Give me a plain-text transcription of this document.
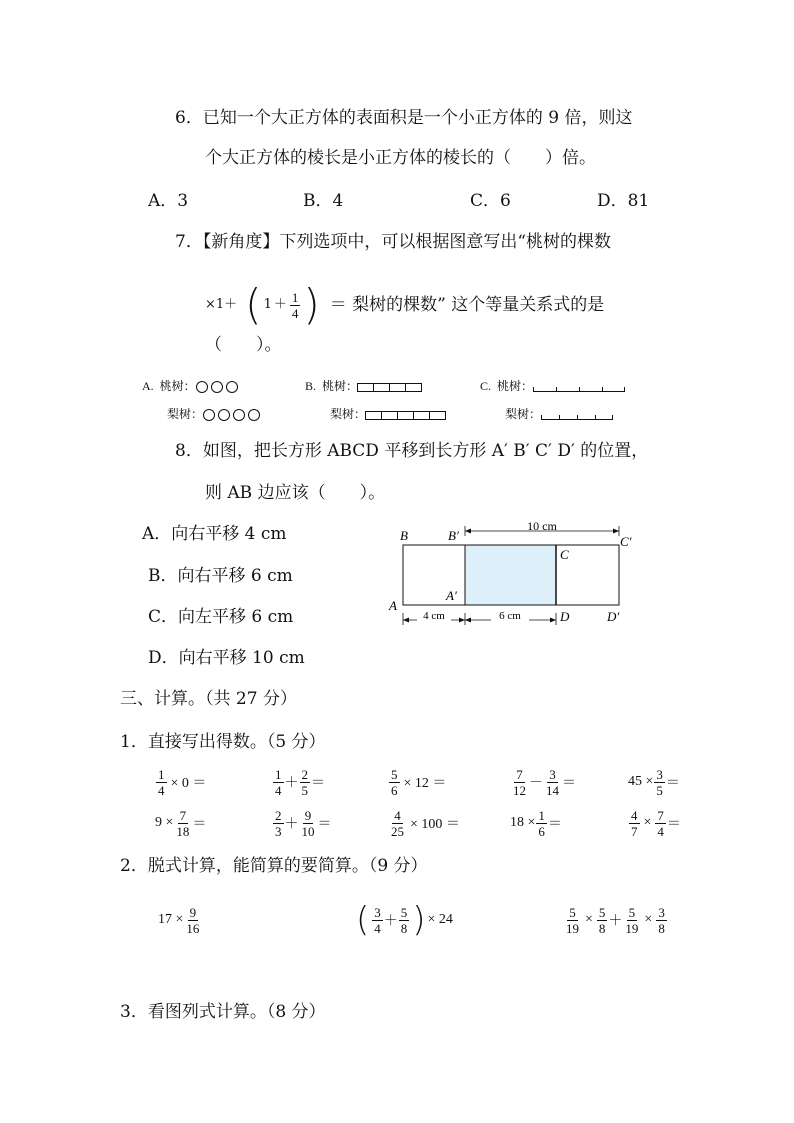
6．已知一个大正方体的表面积是一个小正方体的 9 倍，则这
个大正方体的棱长是小正方体的棱长的（　　）倍。
A．3	B．4	C．6	D．81
7．【新角度】下列选项中，可以根据图意写出“桃树的棵数
×1＋ ( $1 + \frac{1}{4}$ ) ＝ 梨树的棵数” 这个等量关系式的是
（　　）。
A. 桃树：
梨树：
B. 桃树：
梨树：
C. 桃树：
梨树：
8．如图，把长方形 ABCD 平移到长方形 A′ B′ C′ D′ 的位置，
则 AB 边应该（　　）。
A．向右平移 4 cm
B．向右平移 6 cm
C．向左平移 6 cm
D．向右平移 10 cm
10 cm
4 cm	6 cm
B	B′
C
C′
A′
A
D	D′
三、计算。（共 27 分）
1．直接写出得数。（5 分）
$\frac{1}{4} \times 0$ ＝	$\frac{1}{4} + \frac{2}{5}$ ＝	$\frac{5}{6} \times 12$ ＝	$\frac{7}{12} - \frac{3}{14}$ ＝	$45 \times \frac{3}{5}$ ＝
$9 \times \frac{7}{18}$ ＝	$\frac{2}{3} + \frac{9}{10}$ ＝	$\frac{4}{25} \times 100$ ＝	$18 \times \frac{1}{6}$ ＝	$\frac{4}{7} \times \frac{7}{4}$ ＝
2．脱式计算，能简算的要简算。（9 分）
$17 \times \frac{9}{16}$	( $\frac{3}{4} + \frac{5}{8}$ ) × 24	$\frac{5}{19} \times \frac{5}{8} + \frac{5}{19} \times \frac{3}{8}$
3．看图列式计算。（8 分）
